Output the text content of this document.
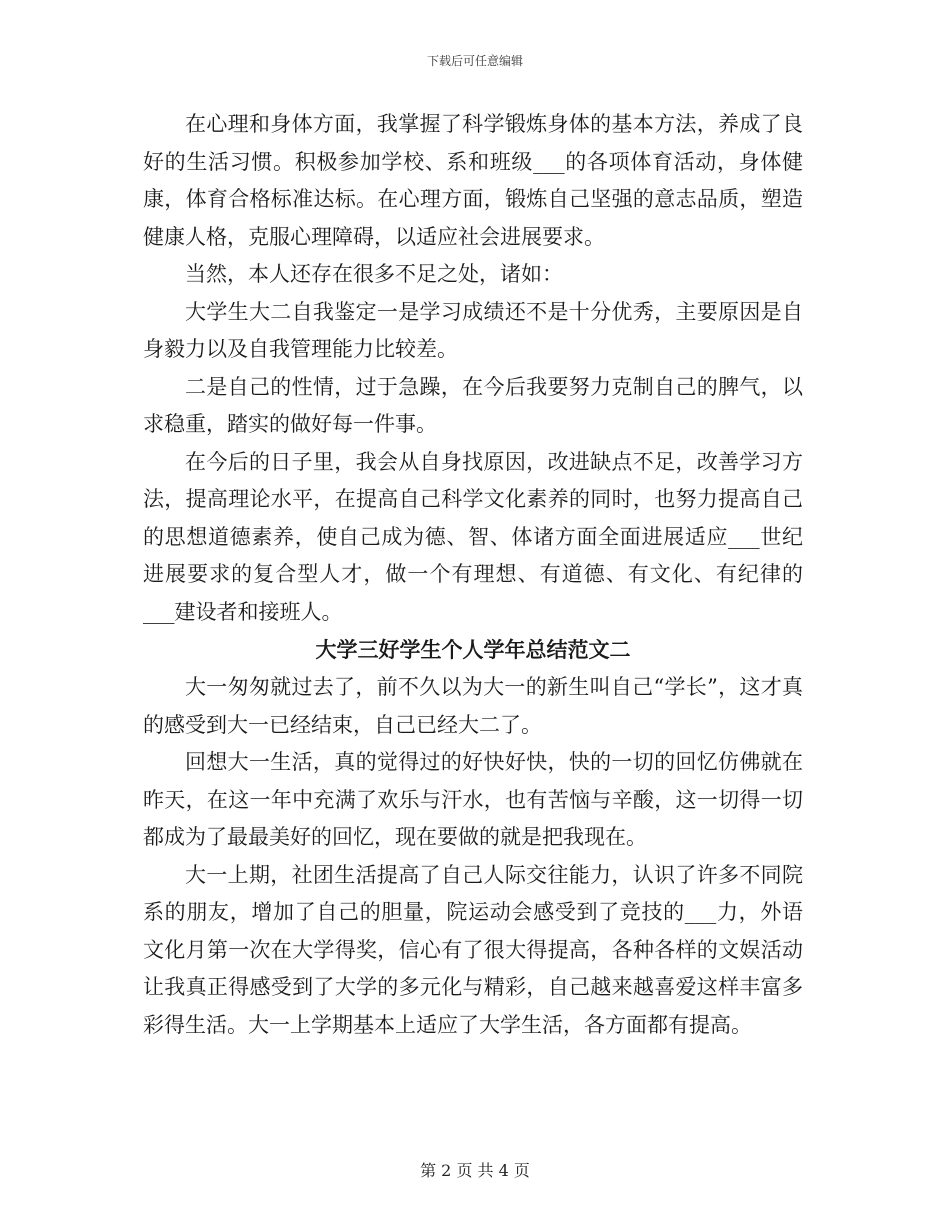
下载后可任意编辑

在心理和身体方面，我掌握了科学锻炼身体的基本方法，养成了良好的生活习惯。积极参加学校、系和班级___的各项体育活动，身体健康，体育合格标准达标。在心理方面，锻炼自己坚强的意志品质，塑造健康人格，克服心理障碍，以适应社会进展要求。

当然，本人还存在很多不足之处，诸如：

大学生大二自我鉴定一是学习成绩还不是十分优秀，主要原因是自身毅力以及自我管理能力比较差。

二是自己的性情，过于急躁，在今后我要努力克制自己的脾气，以求稳重，踏实的做好每一件事。

在今后的日子里，我会从自身找原因，改进缺点不足，改善学习方法，提高理论水平，在提高自己科学文化素养的同时，也努力提高自己的思想道德素养，使自己成为德、智、体诸方面全面进展适应___世纪进展要求的复合型人才，做一个有理想、有道德、有文化、有纪律的___建设者和接班人。

大学三好学生个人学年总结范文二

大一匆匆就过去了，前不久以为大一的新生叫自己“学长”，这才真的感受到大一已经结束，自己已经大二了。

回想大一生活，真的觉得过的好快好快，快的一切的回忆仿佛就在昨天，在这一年中充满了欢乐与汗水，也有苦恼与辛酸，这一切得一切都成为了最最美好的回忆，现在要做的就是把我现在。

大一上期，社团生活提高了自己人际交往能力，认识了许多不同院系的朋友，增加了自己的胆量，院运动会感受到了竞技的___力，外语文化月第一次在大学得奖，信心有了很大得提高，各种各样的文娱活动让我真正得感受到了大学的多元化与精彩，自己越来越喜爱这样丰富多彩得生活。大一上学期基本上适应了大学生活，各方面都有提高。

第 2 页 共 4 页
